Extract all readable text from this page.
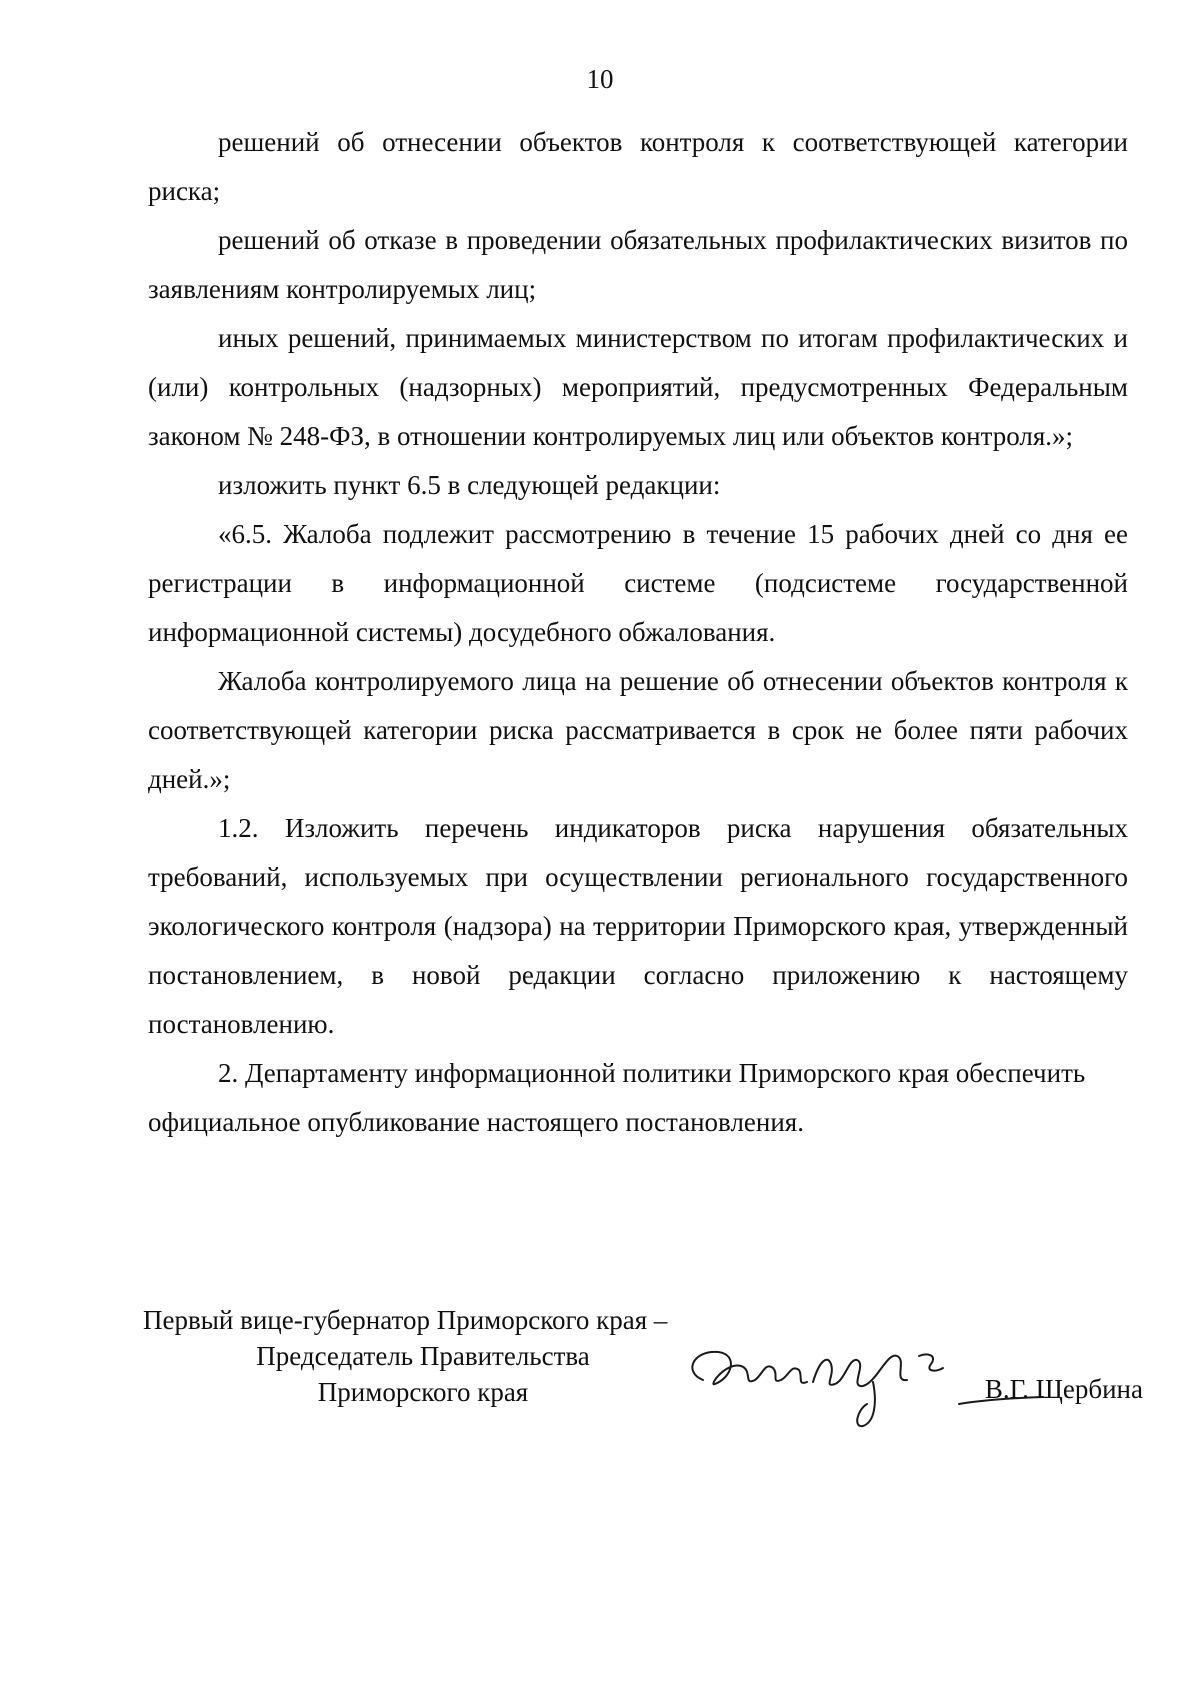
10

решений об отнесении объектов контроля к соответствующей категории риска;

решений об отказе в проведении обязательных профилактических визитов по заявлениям контролируемых лиц;

иных решений, принимаемых министерством по итогам профилактических и (или) контрольных (надзорных) мероприятий, предусмотренных Федеральным законом № 248-ФЗ, в отношении контролируемых лиц или объектов контроля.»;

изложить пункт 6.5 в следующей редакции:

«6.5. Жалоба подлежит рассмотрению в течение 15 рабочих дней со дня ее регистрации в информационной системе (подсистеме государственной информационной системы) досудебного обжалования.

Жалоба контролируемого лица на решение об отнесении объектов контроля к соответствующей категории риска рассматривается в срок не более пяти рабочих дней.»;

1.2. Изложить перечень индикаторов риска нарушения обязательных требований, используемых при осуществлении регионального государственного экологического контроля (надзора) на территории Приморского края, утвержденный постановлением, в новой редакции согласно приложению к настоящему постановлению.

2. Департаменту информационной политики Приморского края обеспечить официальное опубликование настоящего постановления.

Первый вице-губернатор Приморского края –
Председатель Правительства
Приморского края	В.Г. Щербина
